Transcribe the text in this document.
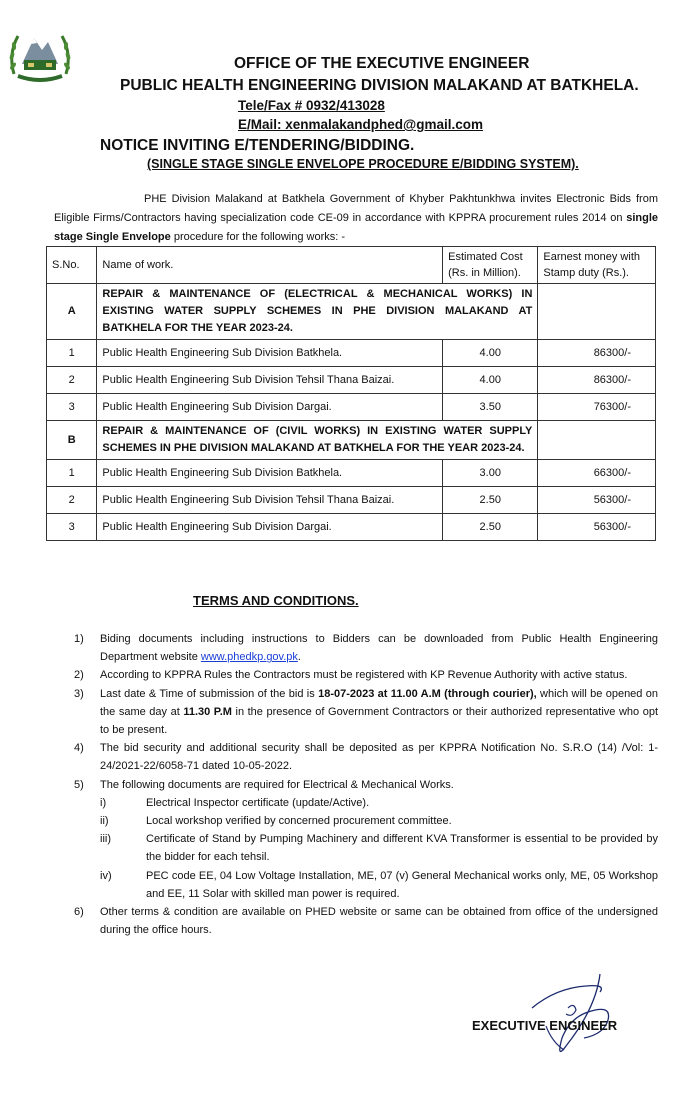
OFFICE OF THE EXECUTIVE ENGINEER
PUBLIC HEALTH ENGINEERING DIVISION MALAKAND AT BATKHELA.
Tele/Fax # 0932/413028
E/Mail: xenmalakandphed@gmail.com
NOTICE INVITING E/TENDERING/BIDDING.
(SINGLE STAGE SINGLE ENVELOPE PROCEDURE E/BIDDING SYSTEM).
PHE Division Malakand at Batkhela Government of Khyber Pakhtunkhwa invites Electronic Bids from Eligible Firms/Contractors having specialization code CE-09 in accordance with KPPRA procurement rules 2014 on single stage Single Envelope procedure for the following works: -
S.No.	Name of work.	Estimated Cost (Rs. in Million).	Earnest money with Stamp duty (Rs.).
A	REPAIR & MAINTENANCE OF (ELECTRICAL & MECHANICAL WORKS) IN EXISTING WATER SUPPLY SCHEMES IN PHE DIVISION MALAKAND AT BATKHELA FOR THE YEAR 2023-24.		
1	Public Health Engineering Sub Division Batkhela.	4.00	86300/-
2	Public Health Engineering Sub Division Tehsil Thana Baizai.	4.00	86300/-
3	Public Health Engineering Sub Division Dargai.	3.50	76300/-
B	REPAIR & MAINTENANCE OF (CIVIL WORKS) IN EXISTING WATER SUPPLY SCHEMES IN PHE DIVISION MALAKAND AT BATKHELA FOR THE YEAR 2023-24.		
1	Public Health Engineering Sub Division Batkhela.	3.00	66300/-
2	Public Health Engineering Sub Division Tehsil Thana Baizai.	2.50	56300/-
3	Public Health Engineering Sub Division Dargai.	2.50	56300/-
TERMS AND CONDITIONS.
1)	Biding documents including instructions to Bidders can be downloaded from Public Health Engineering Department website www.phedkp.gov.pk.
2)	According to KPPRA Rules the Contractors must be registered with KP Revenue Authority with active status.
3)	Last date & Time of submission of the bid is 18-07-2023 at 11.00 A.M (through courier), which will be opened on the same day at 11.30 P.M in the presence of Government Contractors or their authorized representative who opt to be present.
4)	The bid security and additional security shall be deposited as per KPPRA Notification No. S.R.O (14) /Vol: 1-24/2021-22/6058-71 dated 10-05-2022.
5)	The following documents are required for Electrical & Mechanical Works.
i)	Electrical Inspector certificate (update/Active).
ii)	Local workshop verified by concerned procurement committee.
iii)	Certificate of Stand by Pumping Machinery and different KVA Transformer is essential to be provided by the bidder for each tehsil.
iv)	PEC code EE, 04 Low Voltage Installation, ME, 07 (v) General Mechanical works only, ME, 05 Workshop and EE, 11 Solar with skilled man power is required.
6)	Other terms & condition are available on PHED website or same can be obtained from office of the undersigned during the office hours.
EXECUTIVE ENGINEER
